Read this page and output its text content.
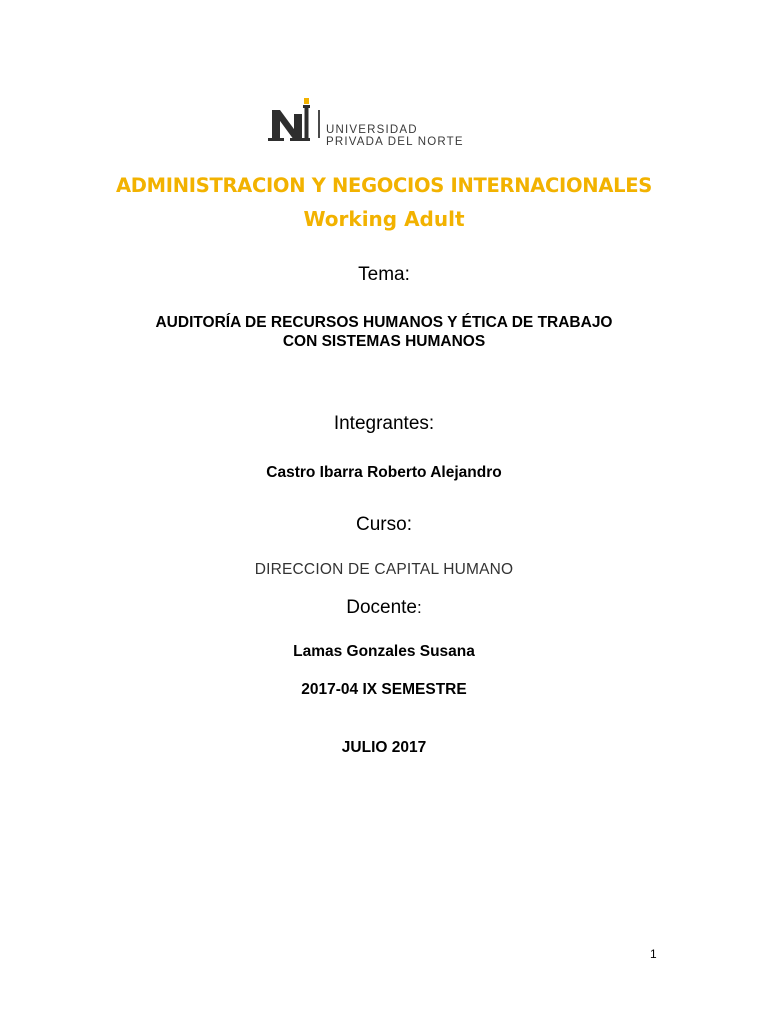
UNIVERSIDAD
PRIVADA DEL NORTE
ADMINISTRACION Y NEGOCIOS INTERNACIONALES
Working Adult
Tema:
AUDITORÍA DE RECURSOS HUMANOS Y ÉTICA DE TRABAJO
CON SISTEMAS HUMANOS
Integrantes:
Castro Ibarra Roberto Alejandro
Curso:
DIRECCION DE CAPITAL HUMANO
Docente:
Lamas Gonzales Susana
2017-04 IX SEMESTRE
JULIO 2017
1
